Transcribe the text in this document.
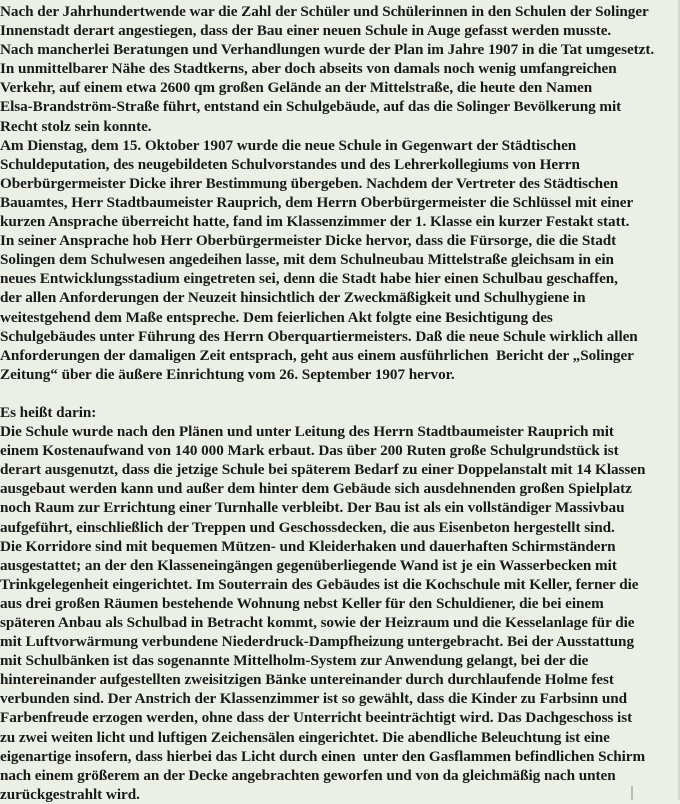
Nach der Jahrhundertwende war die Zahl der Schüler und Schülerinnen in den Schulen der Solinger
Innenstadt derart angestiegen, dass der Bau einer neuen Schule in Auge gefasst werden musste.
Nach mancherlei Beratungen und Verhandlungen wurde der Plan im Jahre 1907 in die Tat umgesetzt.
In unmittelbarer Nähe des Stadtkerns, aber doch abseits von damals noch wenig umfangreichen
Verkehr, auf einem etwa 2600 qm großen Gelände an der Mittelstraße, die heute den Namen
Elsa-Brandström-Straße führt, entstand ein Schulgebäude, auf das die Solinger Bevölkerung mit
Recht stolz sein konnte.
Am Dienstag, dem 15. Oktober 1907 wurde die neue Schule in Gegenwart der Städtischen
Schuldeputation, des neugebildeten Schulvorstandes und des Lehrerkollegiums von Herrn
Oberbürgermeister Dicke ihrer Bestimmung übergeben. Nachdem der Vertreter des Städtischen
Bauamtes, Herr Stadtbaumeister Rauprich, dem Herrn Oberbürgermeister die Schlüssel mit einer
kurzen Ansprache überreicht hatte, fand im Klassenzimmer der 1. Klasse ein kurzer Festakt statt.
In seiner Ansprache hob Herr Oberbürgermeister Dicke hervor, dass die Fürsorge, die die Stadt
Solingen dem Schulwesen angedeihen lasse, mit dem Schulneubau Mittelstraße gleichsam in ein
neues Entwicklungsstadium eingetreten sei, denn die Stadt habe hier einen Schulbau geschaffen,
der allen Anforderungen der Neuzeit hinsichtlich der Zweckmäßigkeit und Schulhygiene in
weitestgehend dem Maße entspreche. Dem feierlichen Akt folgte eine Besichtigung des
Schulgebäudes unter Führung des Herrn Oberquartiermeisters. Daß die neue Schule wirklich allen
Anforderungen der damaligen Zeit entsprach, geht aus einem ausführlichen  Bericht der „Solinger
Zeitung“ über die äußere Einrichtung vom 26. September 1907 hervor.
Es heißt darin:
Die Schule wurde nach den Plänen und unter Leitung des Herrn Stadtbaumeister Rauprich mit
einem Kostenaufwand von 140 000 Mark erbaut. Das über 200 Ruten große Schulgrundstück ist
derart ausgenutzt, dass die jetzige Schule bei späterem Bedarf zu einer Doppelanstalt mit 14 Klassen
ausgebaut werden kann und außer dem hinter dem Gebäude sich ausdehnenden großen Spielplatz
noch Raum zur Errichtung einer Turnhalle verbleibt. Der Bau ist als ein vollständiger Massivbau
aufgeführt, einschließlich der Treppen und Geschossdecken, die aus Eisenbeton hergestellt sind.
Die Korridore sind mit bequemen Mützen- und Kleiderhaken und dauerhaften Schirmständern
ausgestattet; an der den Klasseneingängen gegenüberliegende Wand ist je ein Wasserbecken mit
Trinkgelegenheit eingerichtet. Im Souterrain des Gebäudes ist die Kochschule mit Keller, ferner die
aus drei großen Räumen bestehende Wohnung nebst Keller für den Schuldiener, die bei einem
späteren Anbau als Schulbad in Betracht kommt, sowie der Heizraum und die Kesselanlage für die
mit Luftvorwärmung verbundene Niederdruck-Dampfheizung untergebracht. Bei der Ausstattung
mit Schulbänken ist das sogenannte Mittelholm-System zur Anwendung gelangt, bei der die
hintereinander aufgestellten zweisitzigen Bänke untereinander durch durchlaufende Holme fest
verbunden sind. Der Anstrich der Klassenzimmer ist so gewählt, dass die Kinder zu Farbsinn und
Farbenfreude erzogen werden, ohne dass der Unterricht beeinträchtigt wird. Das Dachgeschoss ist
zu zwei weiten licht und luftigen Zeichensälen eingerichtet. Die abendliche Beleuchtung ist eine
eigenartige insofern, dass hierbei das Licht durch einen  unter den Gasflammen befindlichen Schirm
nach einem größerem an der Decke angebrachten geworfen und von da gleichmäßig nach unten
zurückgestrahlt wird.
